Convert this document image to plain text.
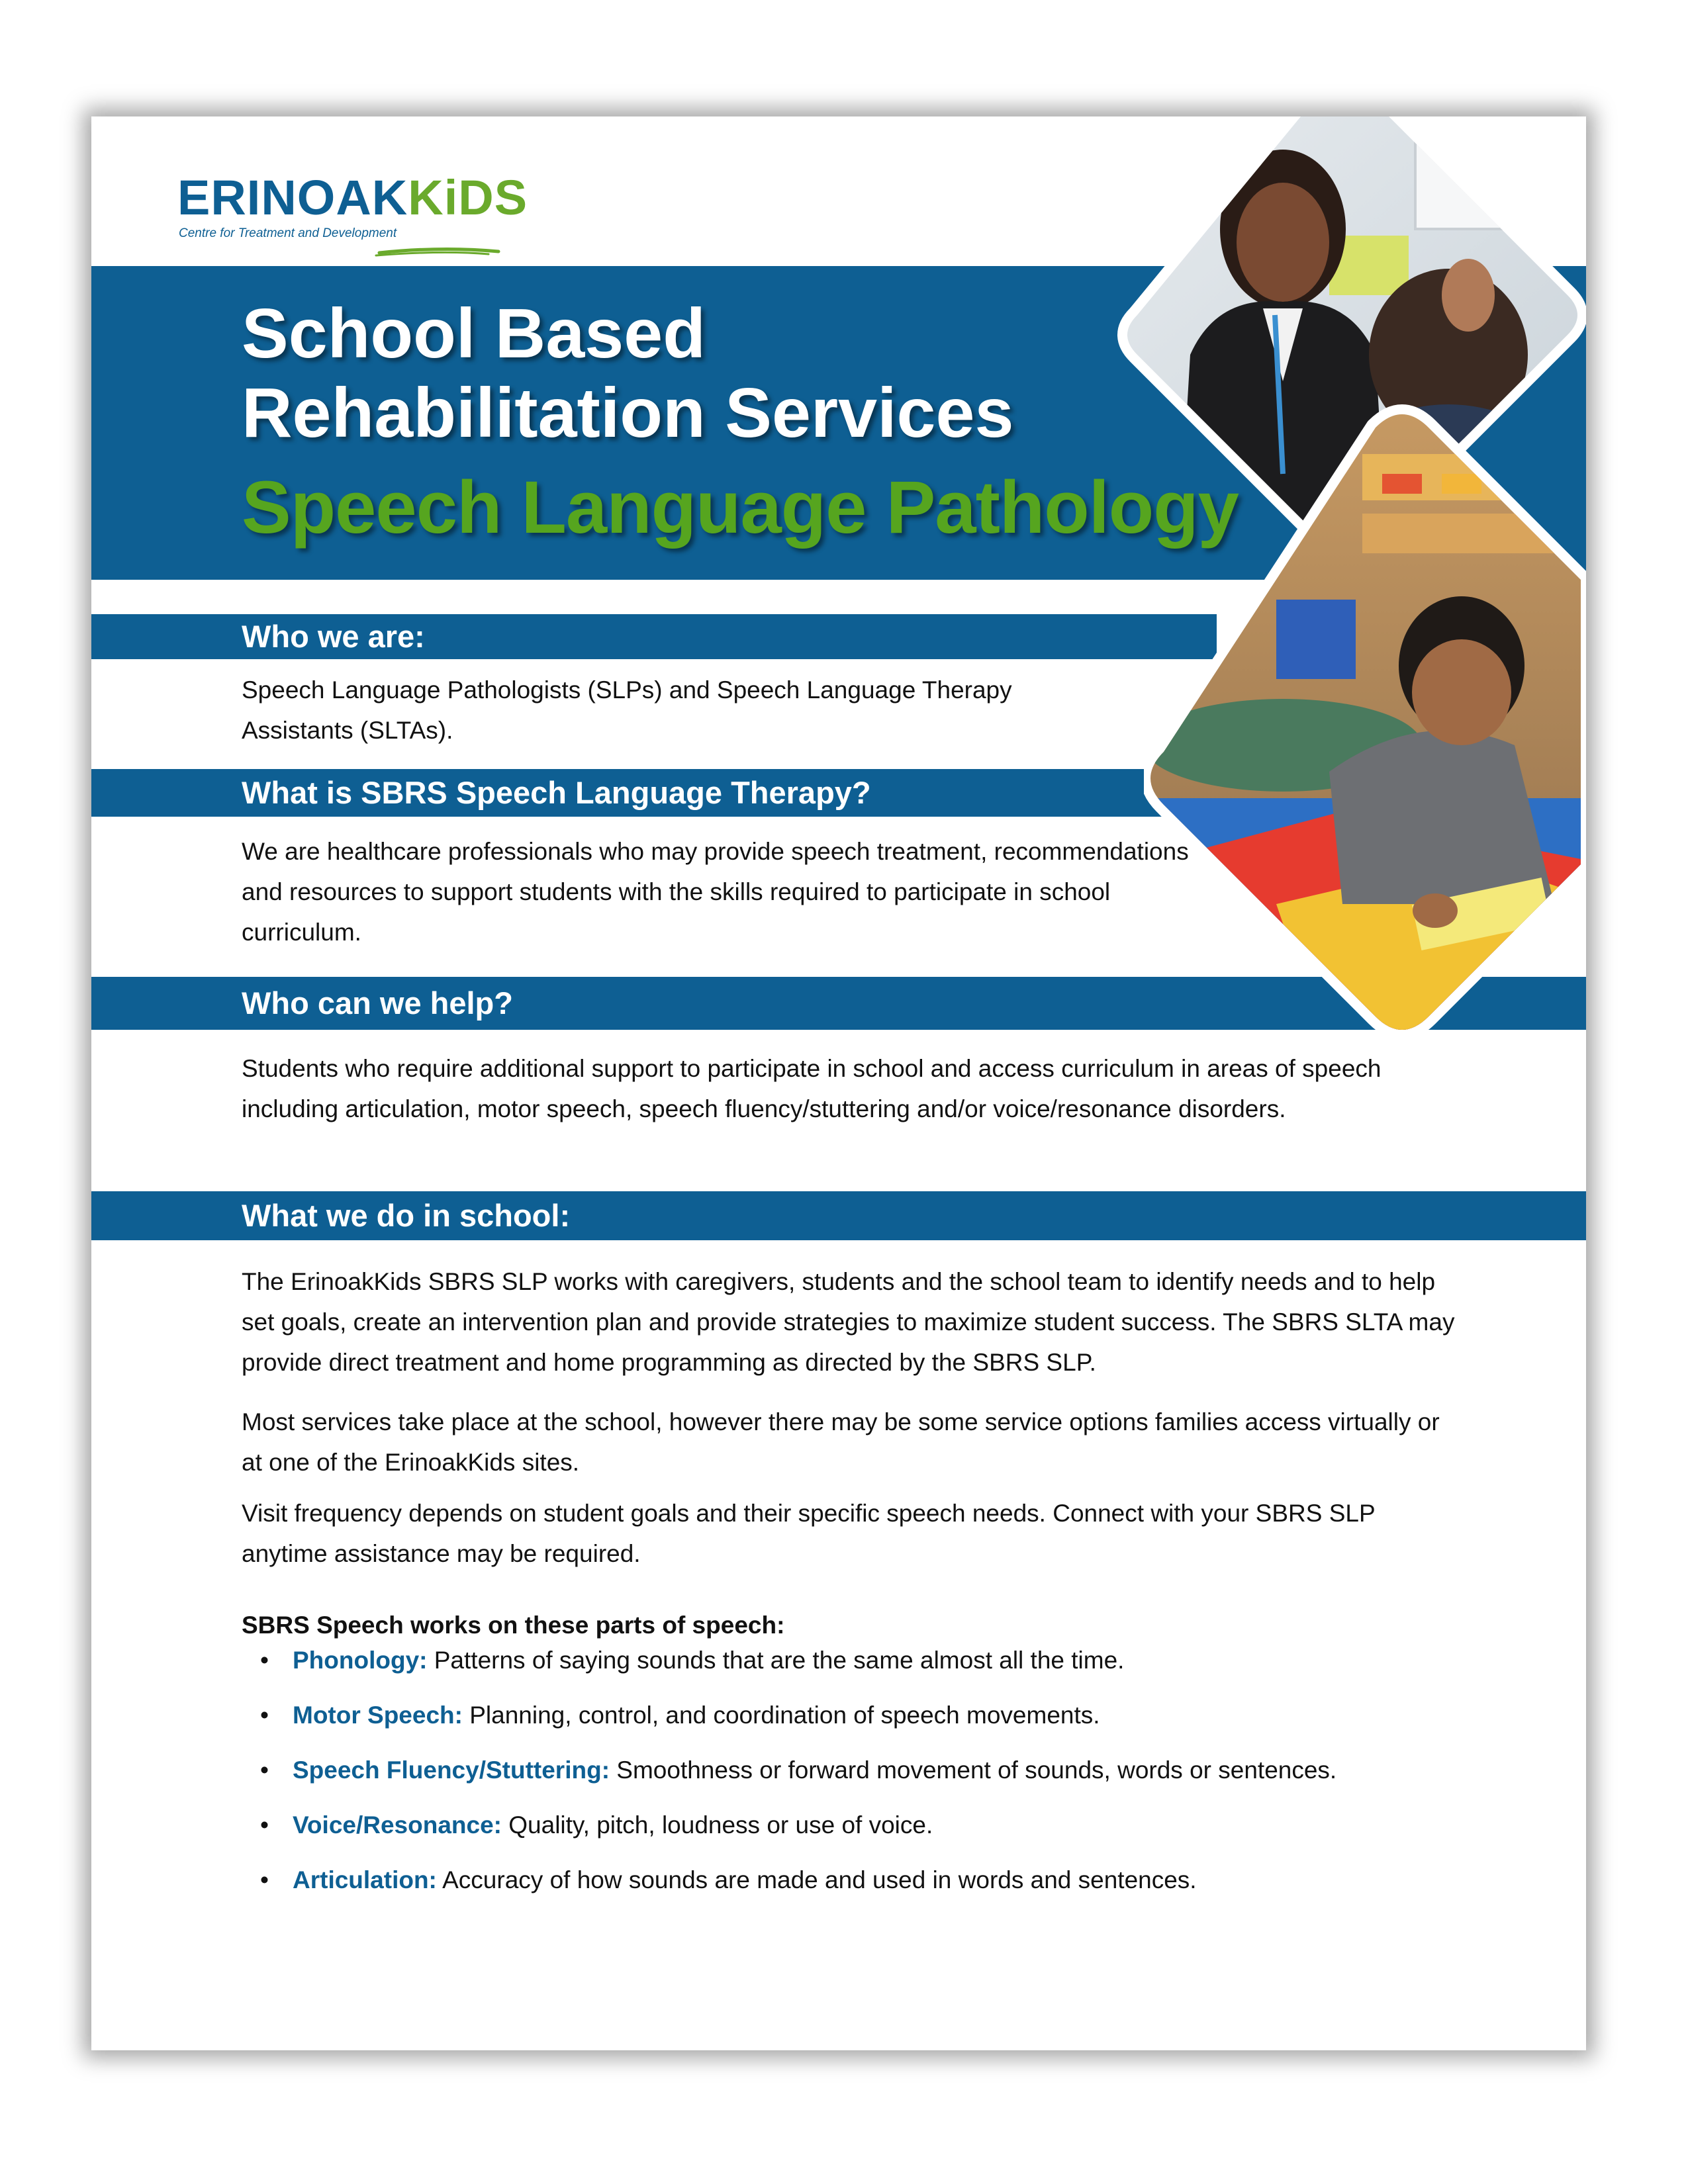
ERINOAKKiDS
Centre for Treatment and Development
School Based
Rehabilitation Services
Speech Language Pathology
Who we are:
Speech Language Pathologists (SLPs) and Speech Language Therapy Assistants (SLTAs).
What is SBRS Speech Language Therapy?
We are healthcare professionals who may provide speech treatment, recommendations and resources to support students with the skills required to participate in school curriculum.
Who can we help?
Students who require additional support to participate in school and access curriculum in areas of speech including articulation, motor speech, speech fluency/stuttering and/or voice/resonance disorders.
What we do in school:
The ErinoakKids SBRS SLP works with caregivers, students and the school team to identify needs and to help set goals, create an intervention plan and provide strategies to maximize student success. The SBRS SLTA may provide direct treatment and home programming as directed by the SBRS SLP.
Most services take place at the school, however there may be some service options families access virtually or at one of the ErinoakKids sites.
Visit frequency depends on student goals and their specific speech needs. Connect with your SBRS SLP anytime assistance may be required.
SBRS Speech works on these parts of speech:
• Phonology: Patterns of saying sounds that are the same almost all the time.
• Motor Speech: Planning, control, and coordination of speech movements.
• Speech Fluency/Stuttering: Smoothness or forward movement of sounds, words or sentences.
• Voice/Resonance: Quality, pitch, loudness or use of voice.
• Articulation: Accuracy of how sounds are made and used in words and sentences.
